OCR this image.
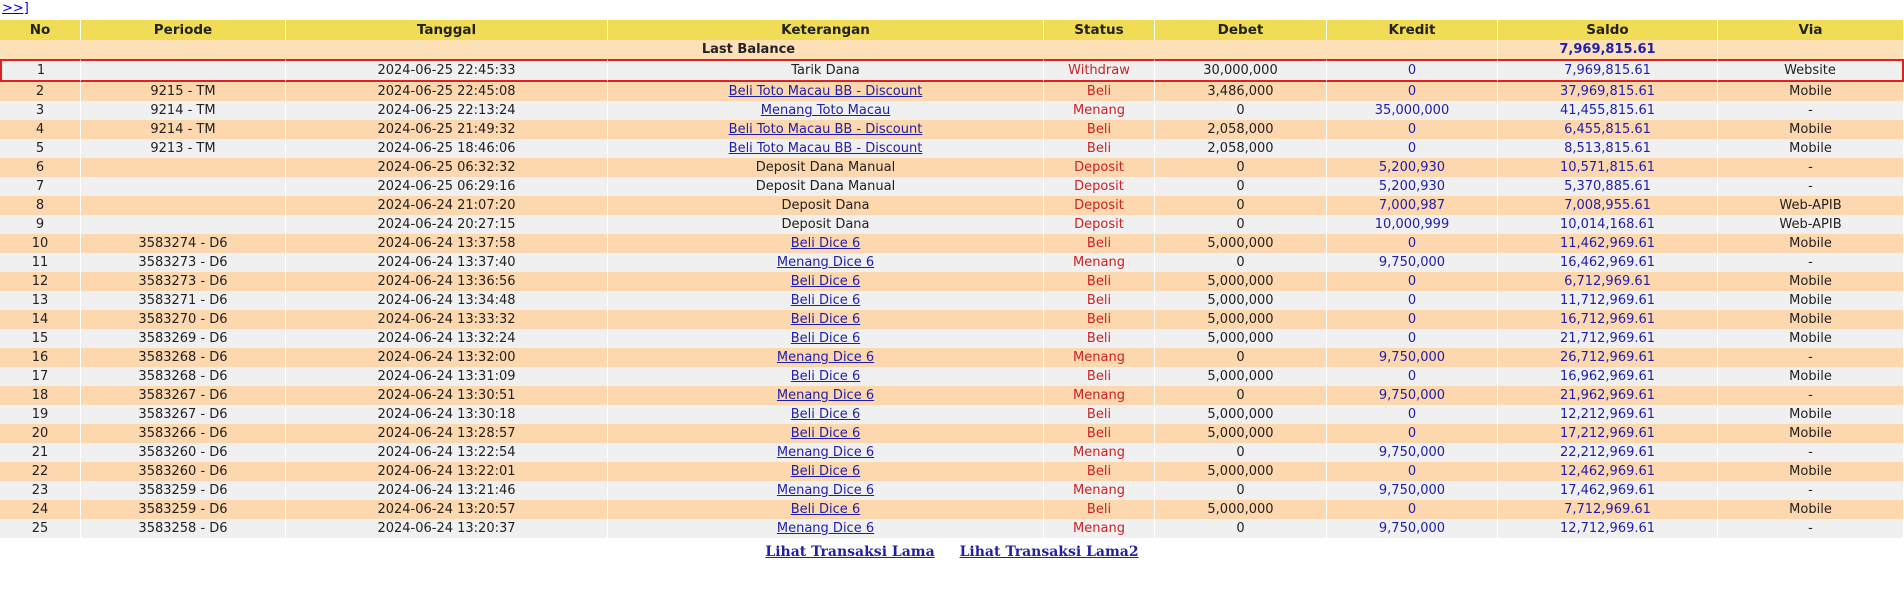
>>]
No	Periode	Tanggal	Keterangan	Status	Debet	Kredit	Saldo	Via
Last Balance							7,969,815.61	
1		2024-06-25 22:45:33	Tarik Dana	Withdraw	30,000,000	0	7,969,815.61	Website
2	9215 - TM	2024-06-25 22:45:08	Beli Toto Macau BB - Discount	Beli	3,486,000	0	37,969,815.61	Mobile
3	9214 - TM	2024-06-25 22:13:24	Menang Toto Macau	Menang	0	35,000,000	41,455,815.61	-
4	9214 - TM	2024-06-25 21:49:32	Beli Toto Macau BB - Discount	Beli	2,058,000	0	6,455,815.61	Mobile
5	9213 - TM	2024-06-25 18:46:06	Beli Toto Macau BB - Discount	Beli	2,058,000	0	8,513,815.61	Mobile
6		2024-06-25 06:32:32	Deposit Dana Manual	Deposit	0	5,200,930	10,571,815.61	-
7		2024-06-25 06:29:16	Deposit Dana Manual	Deposit	0	5,200,930	5,370,885.61	-
8		2024-06-24 21:07:20	Deposit Dana	Deposit	0	7,000,987	7,008,955.61	Web-APIB
9		2024-06-24 20:27:15	Deposit Dana	Deposit	0	10,000,999	10,014,168.61	Web-APIB
10	3583274 - D6	2024-06-24 13:37:58	Beli Dice 6	Beli	5,000,000	0	11,462,969.61	Mobile
11	3583273 - D6	2024-06-24 13:37:40	Menang Dice 6	Menang	0	9,750,000	16,462,969.61	-
12	3583273 - D6	2024-06-24 13:36:56	Beli Dice 6	Beli	5,000,000	0	6,712,969.61	Mobile
13	3583271 - D6	2024-06-24 13:34:48	Beli Dice 6	Beli	5,000,000	0	11,712,969.61	Mobile
14	3583270 - D6	2024-06-24 13:33:32	Beli Dice 6	Beli	5,000,000	0	16,712,969.61	Mobile
15	3583269 - D6	2024-06-24 13:32:24	Beli Dice 6	Beli	5,000,000	0	21,712,969.61	Mobile
16	3583268 - D6	2024-06-24 13:32:00	Menang Dice 6	Menang	0	9,750,000	26,712,969.61	-
17	3583268 - D6	2024-06-24 13:31:09	Beli Dice 6	Beli	5,000,000	0	16,962,969.61	Mobile
18	3583267 - D6	2024-06-24 13:30:51	Menang Dice 6	Menang	0	9,750,000	21,962,969.61	-
19	3583267 - D6	2024-06-24 13:30:18	Beli Dice 6	Beli	5,000,000	0	12,212,969.61	Mobile
20	3583266 - D6	2024-06-24 13:28:57	Beli Dice 6	Beli	5,000,000	0	17,212,969.61	Mobile
21	3583260 - D6	2024-06-24 13:22:54	Menang Dice 6	Menang	0	9,750,000	22,212,969.61	-
22	3583260 - D6	2024-06-24 13:22:01	Beli Dice 6	Beli	5,000,000	0	12,462,969.61	Mobile
23	3583259 - D6	2024-06-24 13:21:46	Menang Dice 6	Menang	0	9,750,000	17,462,969.61	-
24	3583259 - D6	2024-06-24 13:20:57	Beli Dice 6	Beli	5,000,000	0	7,712,969.61	Mobile
25	3583258 - D6	2024-06-24 13:20:37	Menang Dice 6	Menang	0	9,750,000	12,712,969.61	-
Lihat Transaksi Lama Lihat Transaksi Lama2
